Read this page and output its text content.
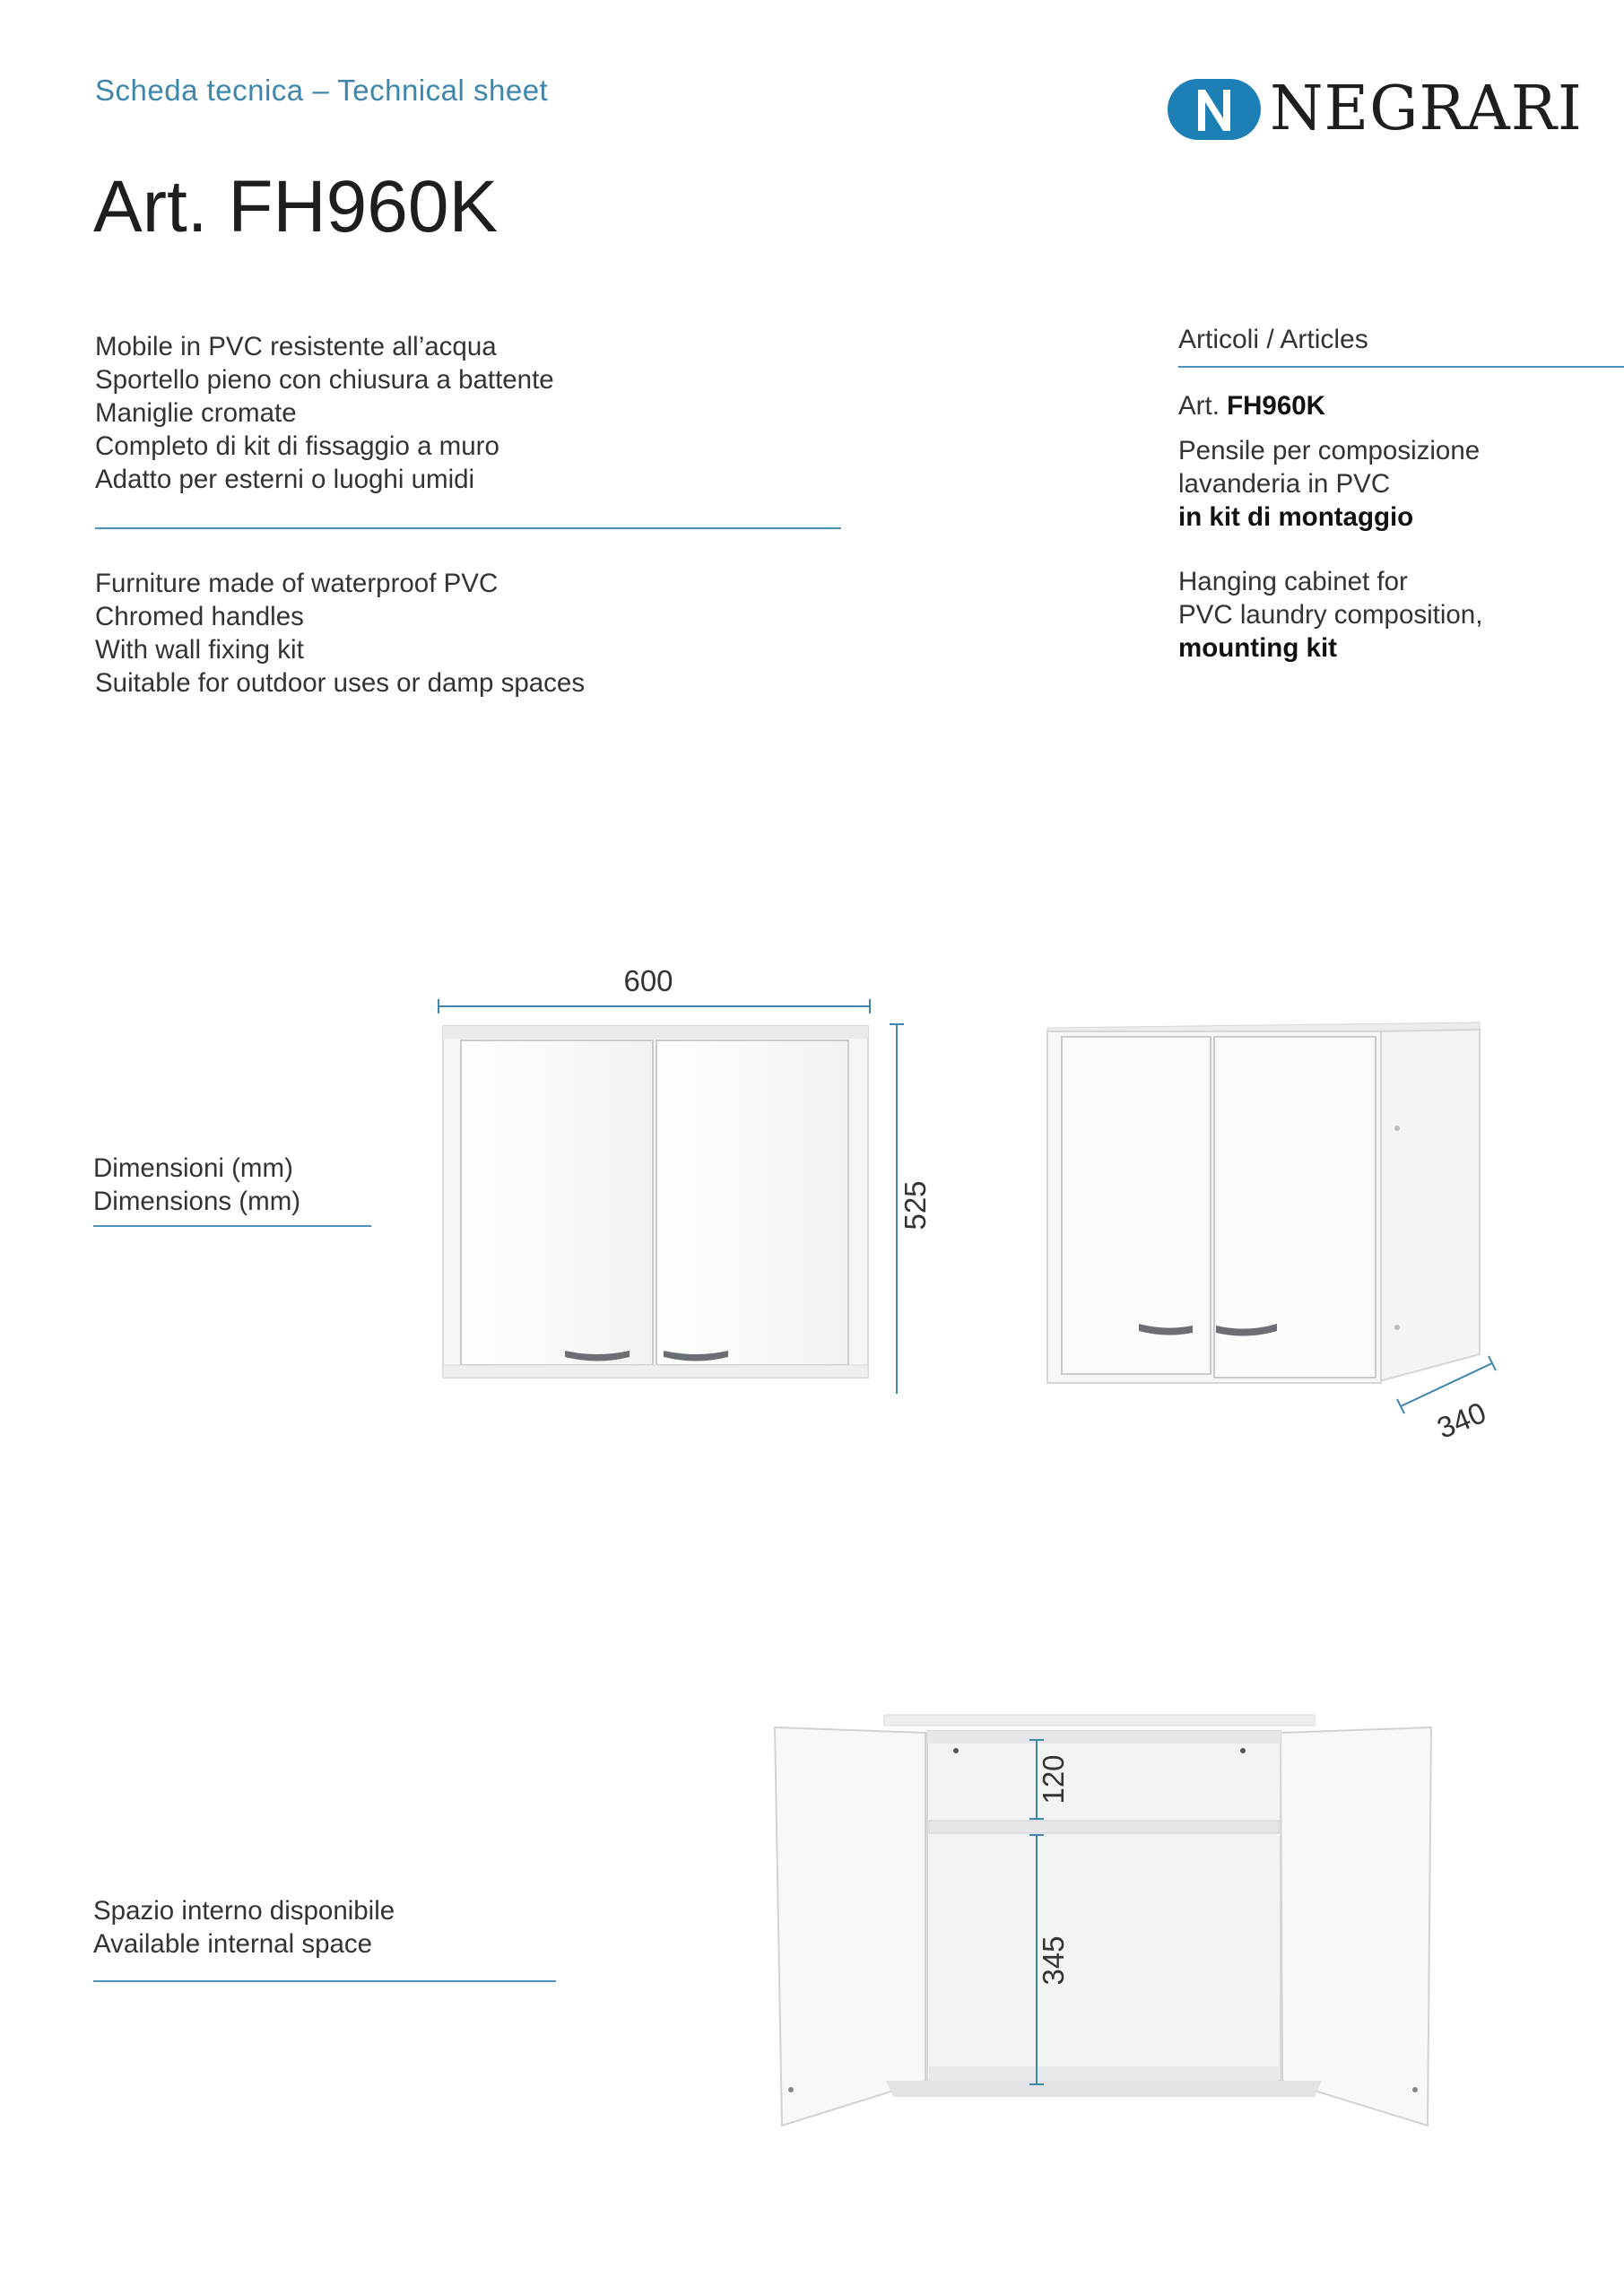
Scheda tecnica – Technical sheet
Art. FH960K
NEGRARI
Mobile in PVC resistente all’acqua
Sportello pieno con chiusura a battente
Maniglie cromate
Completo di kit di fissaggio a muro
Adatto per esterni o luoghi umidi
Furniture made of waterproof PVC
Chromed handles
With wall fixing kit
Suitable for outdoor uses or damp spaces
Articoli / Articles
Art. FH960K
Pensile per composizione
lavanderia in PVC
in kit di montaggio
Hanging cabinet for
PVC laundry composition,
mounting kit
Dimensioni (mm)
Dimensions (mm)
600
525
340
Spazio interno disponibile
Available internal space
120
345
